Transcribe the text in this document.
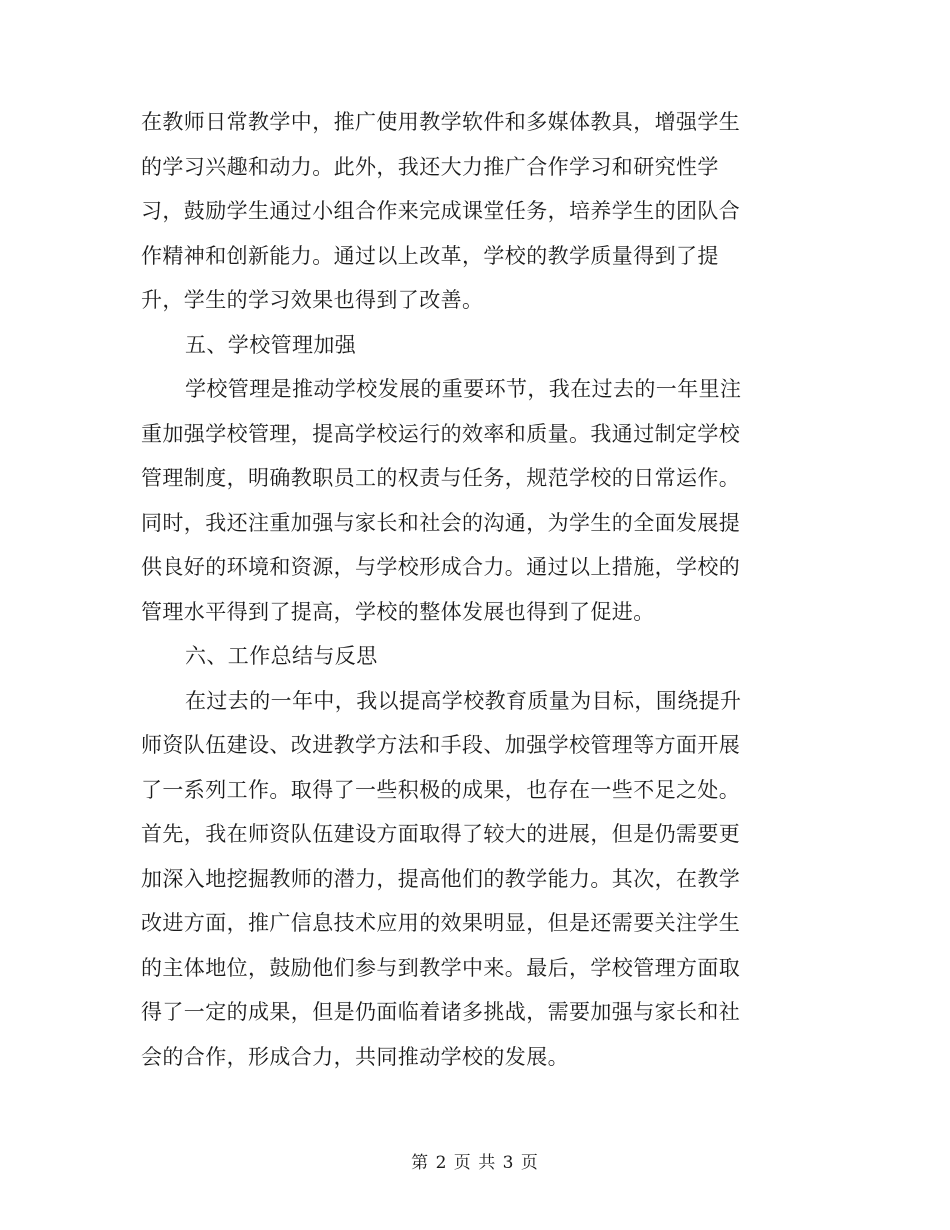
在教师日常教学中，推广使用教学软件和多媒体教具，增强学生
的学习兴趣和动力。此外，我还大力推广合作学习和研究性学
习，鼓励学生通过小组合作来完成课堂任务，培养学生的团队合
作精神和创新能力。通过以上改革，学校的教学质量得到了提
升，学生的学习效果也得到了改善。
五、学校管理加强
学校管理是推动学校发展的重要环节，我在过去的一年里注
重加强学校管理，提高学校运行的效率和质量。我通过制定学校
管理制度，明确教职员工的权责与任务，规范学校的日常运作。
同时，我还注重加强与家长和社会的沟通，为学生的全面发展提
供良好的环境和资源，与学校形成合力。通过以上措施，学校的
管理水平得到了提高，学校的整体发展也得到了促进。
六、工作总结与反思
在过去的一年中，我以提高学校教育质量为目标，围绕提升
师资队伍建设、改进教学方法和手段、加强学校管理等方面开展
了一系列工作。取得了一些积极的成果，也存在一些不足之处。
首先，我在师资队伍建设方面取得了较大的进展，但是仍需要更
加深入地挖掘教师的潜力，提高他们的教学能力。其次，在教学
改进方面，推广信息技术应用的效果明显，但是还需要关注学生
的主体地位，鼓励他们参与到教学中来。最后，学校管理方面取
得了一定的成果，但是仍面临着诸多挑战，需要加强与家长和社
会的合作，形成合力，共同推动学校的发展。
第 2 页 共 3 页
